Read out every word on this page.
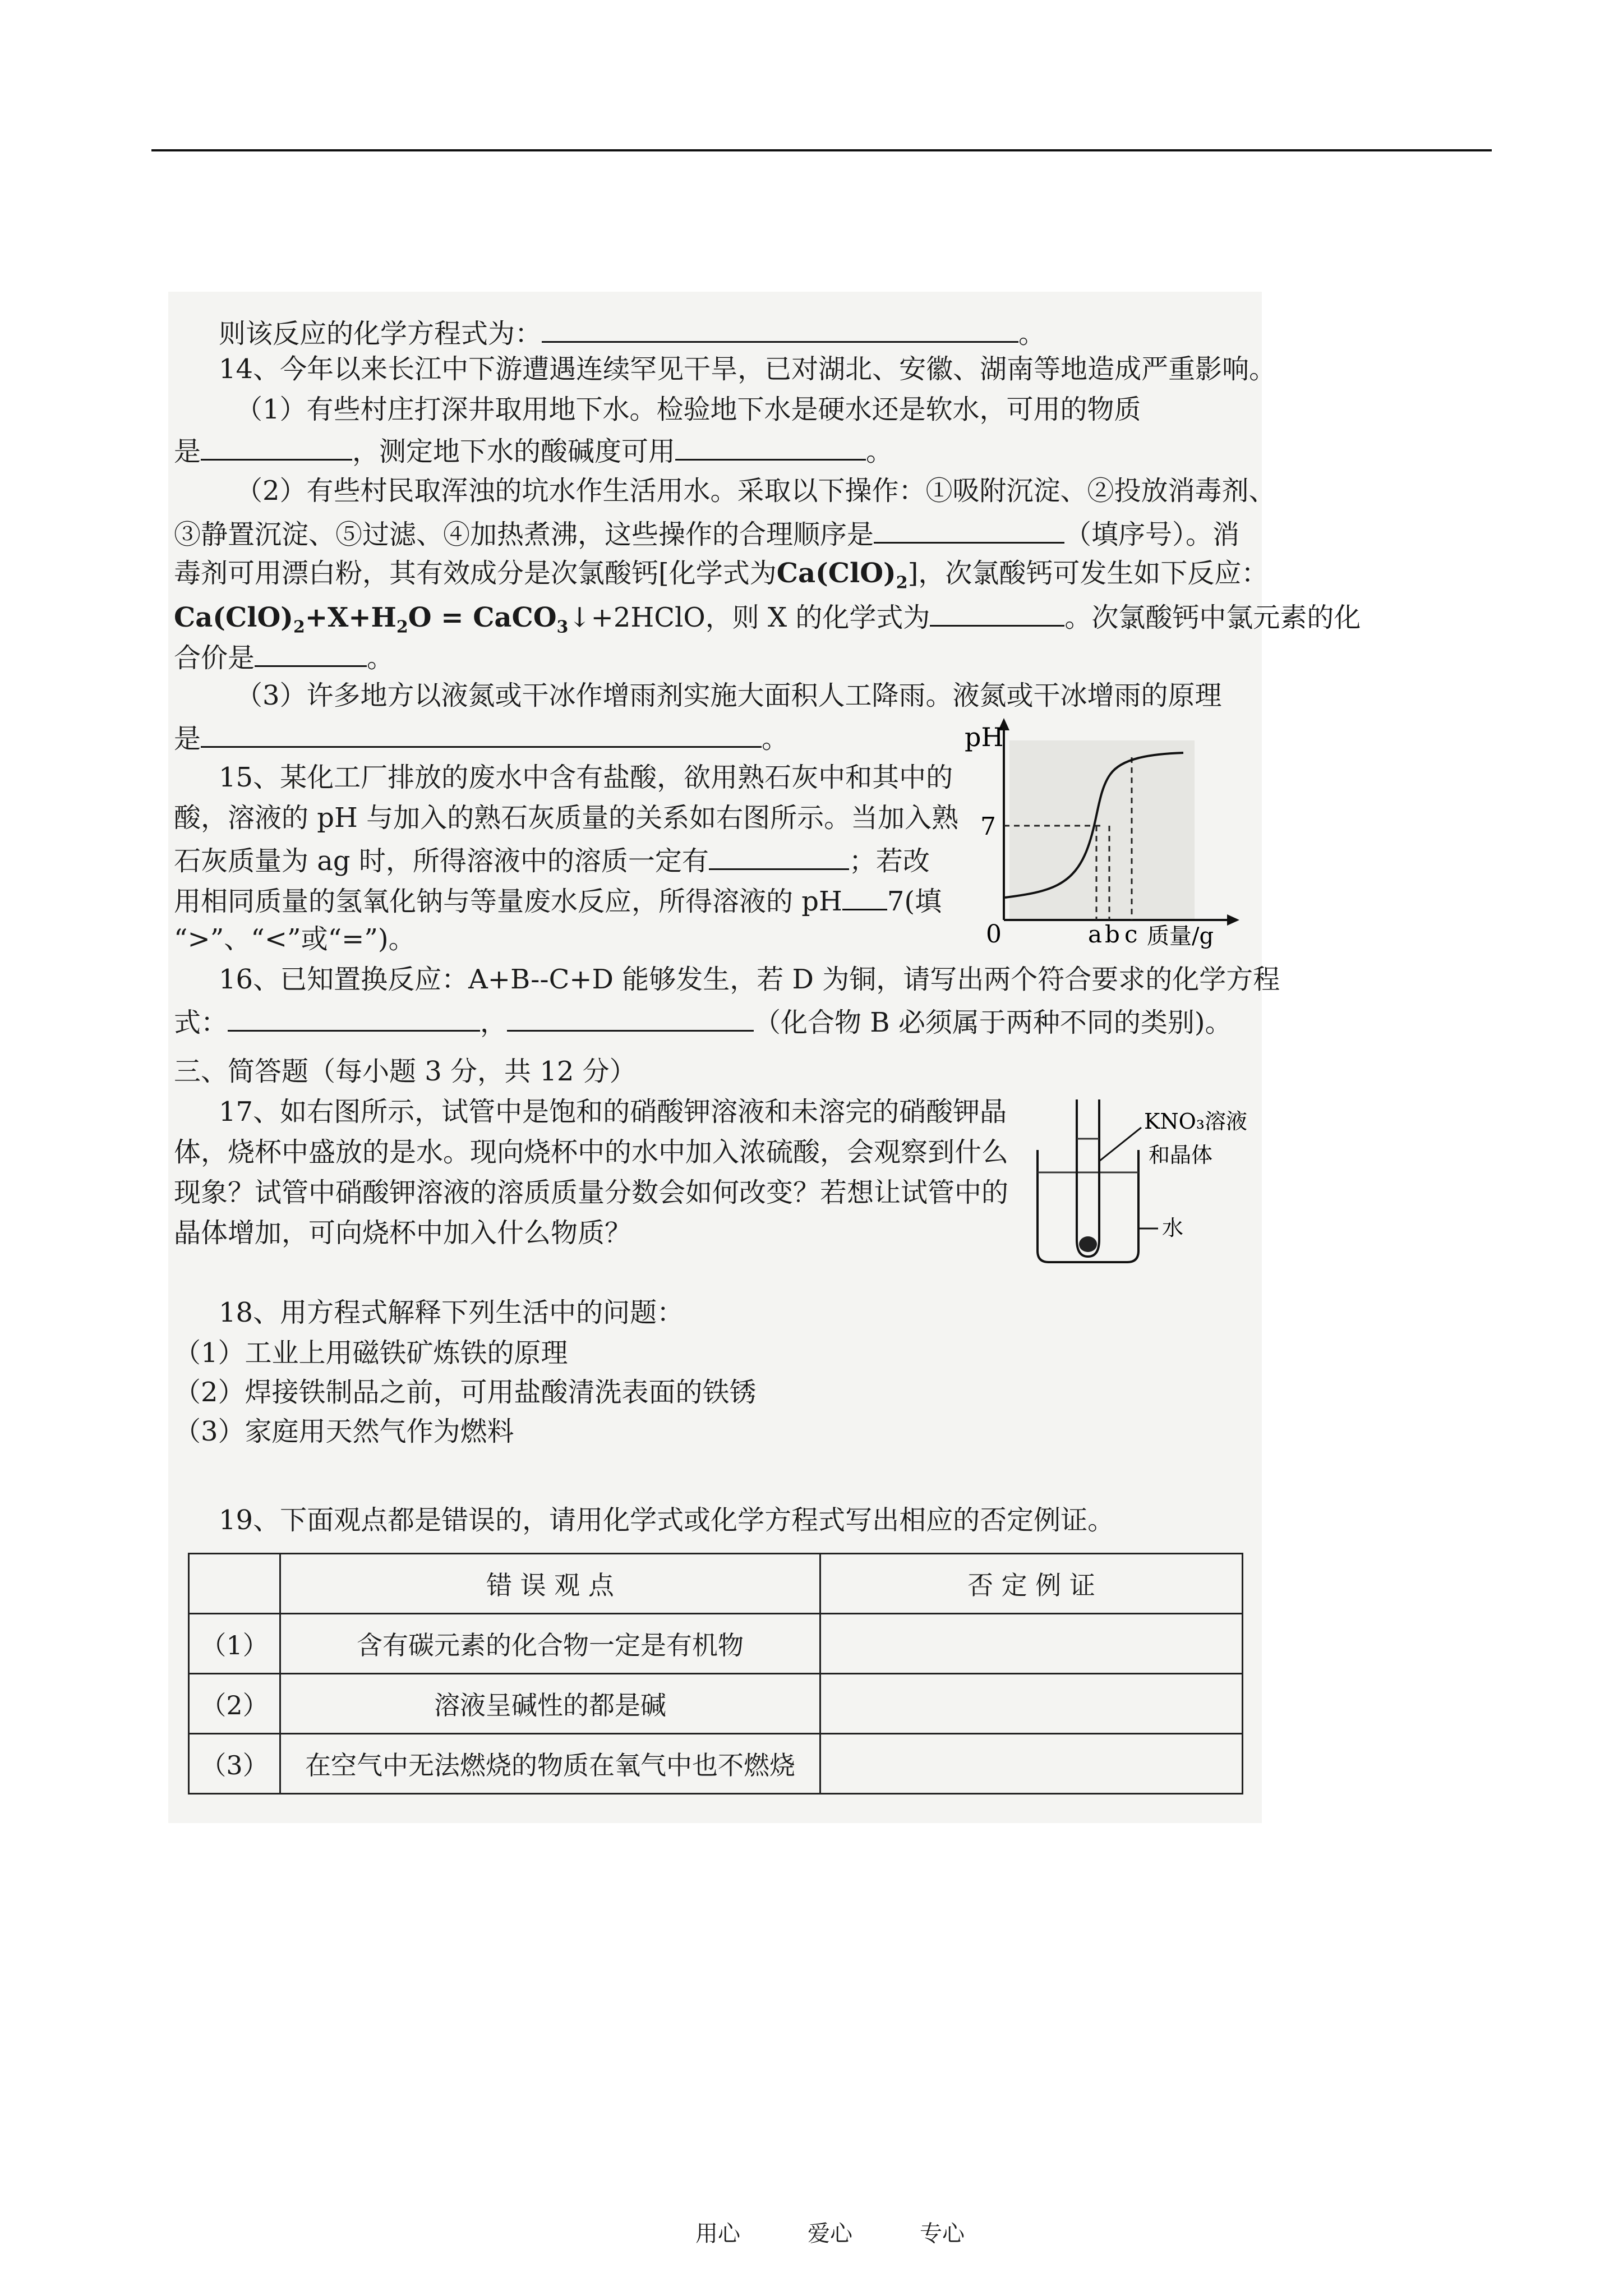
则该反应的化学方程式为：	。
14、今年以来长江中下游遭遇连续罕见干旱，已对湖北、安徽、湖南等地造成严重影响。
（1）有些村庄打深井取用地下水。检验地下水是硬水还是软水，可用的物质
是	，测定地下水的酸碱度可用	。
（2）有些村民取浑浊的坑水作生活用水。采取以下操作：①吸附沉淀、②投放消毒剂、
③静置沉淀、⑤过滤、④加热煮沸，这些操作的合理顺序是	（填序号）。消
毒剂可用漂白粉，其有效成分是次氯酸钙[化学式为$Ca(ClO)_2$]，次氯酸钙可发生如下反应：
$Ca(ClO)_2+X+H_2O$ = CaCO$_3$↓+2HClO，则 X 的化学式为	。次氯酸钙中氯元素的化
合价是	。
（3）许多地方以液氮或干冰作增雨剂实施大面积人工降雨。液氮或干冰增雨的原理
是	。
15、某化工厂排放的废水中含有盐酸，欲用熟石灰中和其中的
酸，溶液的 pH 与加入的熟石灰质量的关系如右图所示。当加入熟
石灰质量为 ag 时，所得溶液中的溶质一定有	；若改
用相同质量的氢氧化钠与等量废水反应，所得溶液的 pH 7(填
“>”、“<”或“=”)。
pH
7
0	a b c 质量/g
16、已知置换反应：A+B--C+D 能够发生，若 D 为铜，请写出两个符合要求的化学方程
式：	，	（化合物 B 必须属于两种不同的类别)。
三、简答题（每小题 3 分，共 12 分）
17、如右图所示，试管中是饱和的硝酸钾溶液和未溶完的硝酸钾晶
体，烧杯中盛放的是水。现向烧杯中的水中加入浓硫酸，会观察到什么
现象？试管中硝酸钾溶液的溶质质量分数会如何改变？若想让试管中的
晶体增加，可向烧杯中加入什么物质？
KNO₃溶液
和晶体
水
18、用方程式解释下列生活中的问题：
（1）工业上用磁铁矿炼铁的原理
（2）焊接铁制品之前，可用盐酸清洗表面的铁锈
（3）家庭用天然气作为燃料
19、下面观点都是错误的，请用化学式或化学方程式写出相应的否定例证。
	错 误 观 点	否 定 例 证
（1）	含有碳元素的化合物一定是有机物	
（2）	溶液呈碱性的都是碱	
（3）	在空气中无法燃烧的物质在氧气中也不燃烧	
用心	爱心	专心
